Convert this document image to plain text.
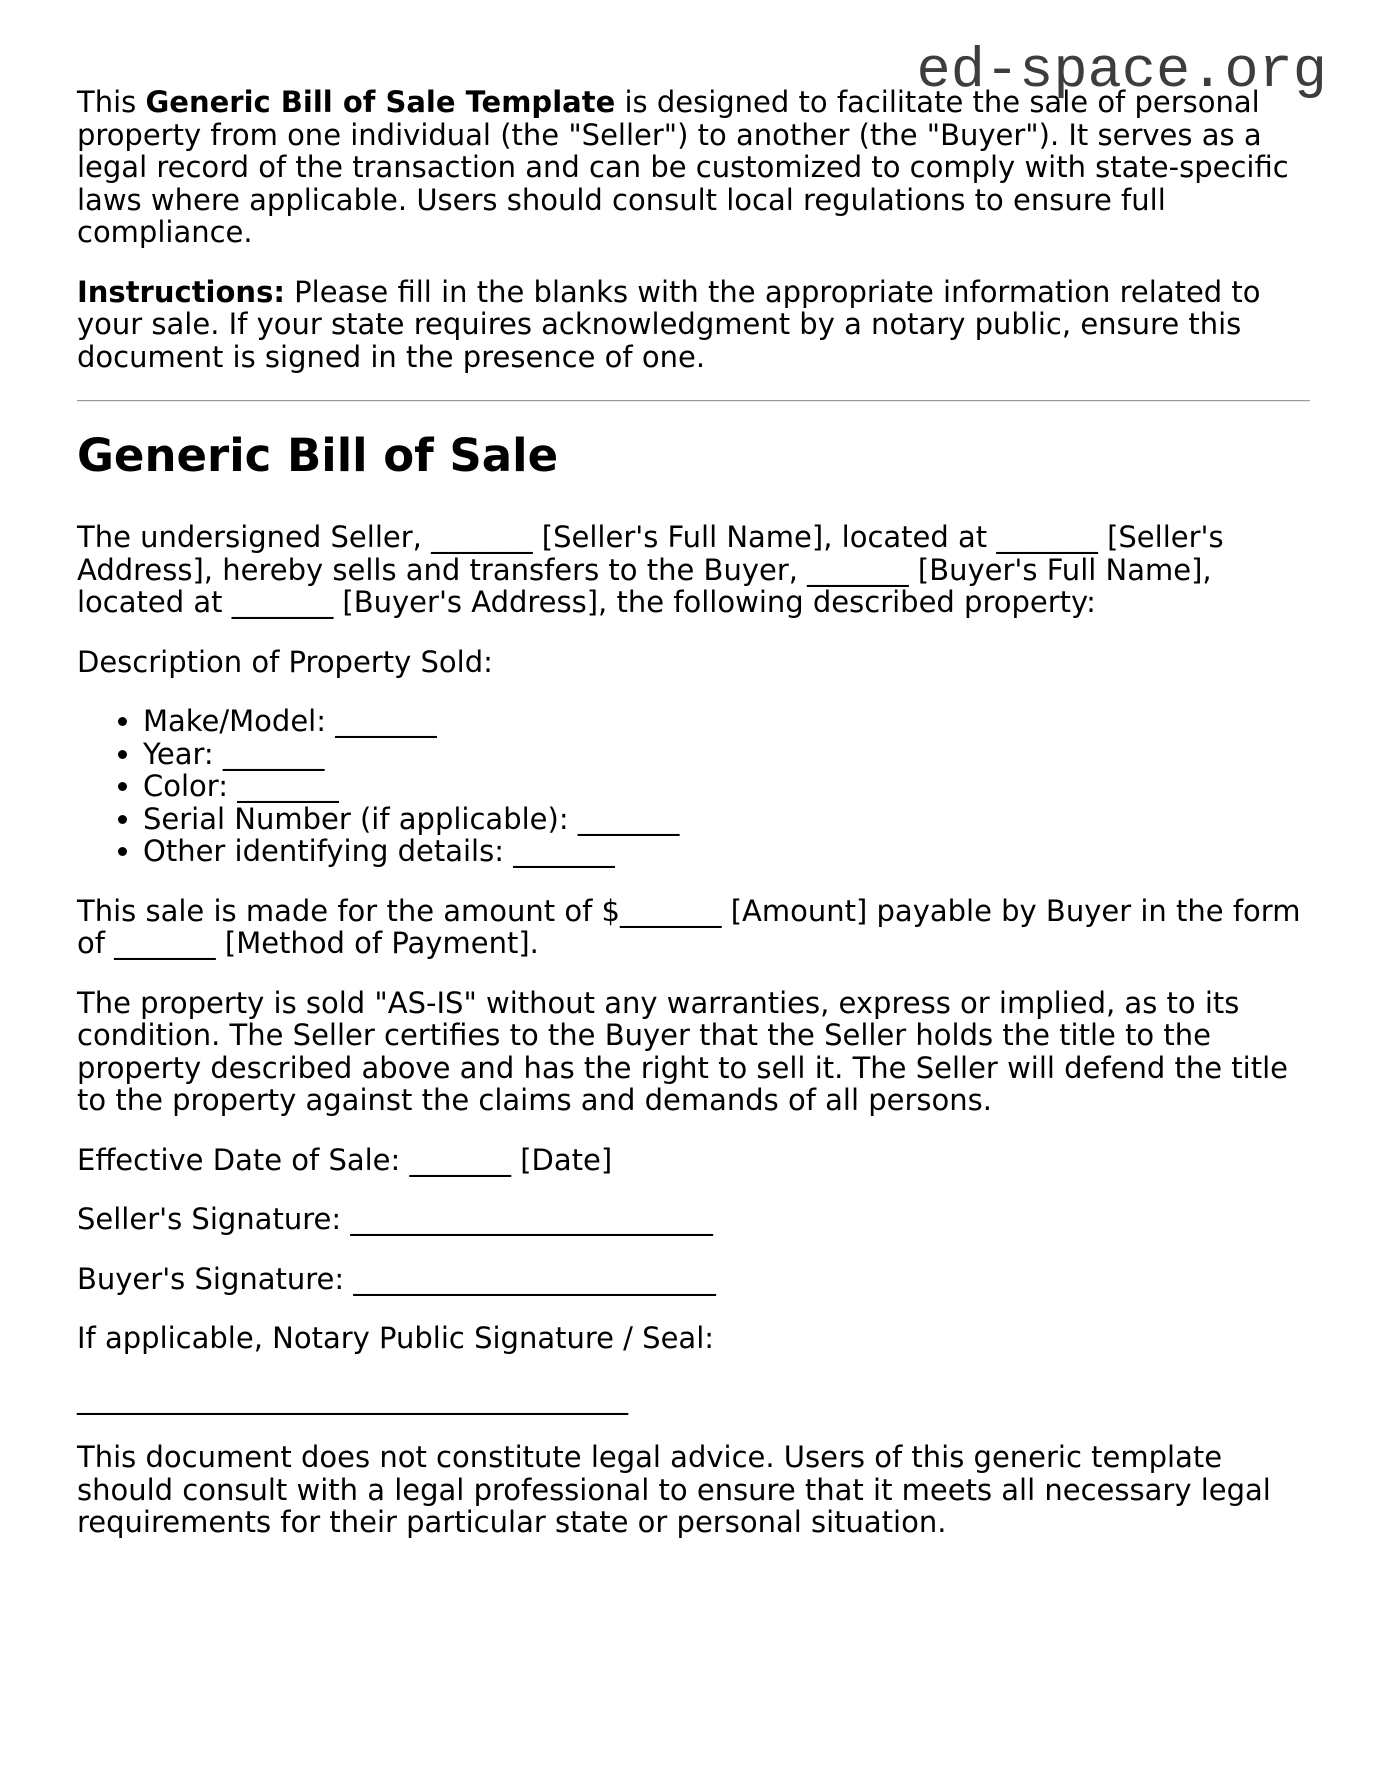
ed-space.org

This Generic Bill of Sale Template is designed to facilitate the sale of personal property from one individual (the "Seller") to another (the "Buyer"). It serves as a legal record of the transaction and can be customized to comply with state-specific laws where applicable. Users should consult local regulations to ensure full compliance.

Instructions: Please fill in the blanks with the appropriate information related to your sale. If your state requires acknowledgment by a notary public, ensure this document is signed in the presence of one.

Generic Bill of Sale

The undersigned Seller, _______ [Seller's Full Name], located at _______ [Seller's Address], hereby sells and transfers to the Buyer, _______ [Buyer's Full Name], located at _______ [Buyer's Address], the following described property:

Description of Property Sold:

• Make/Model: _______
• Year: _______
• Color: _______
• Serial Number (if applicable): _______
• Other identifying details: _______

This sale is made for the amount of $_______ [Amount] payable by Buyer in the form of _______ [Method of Payment].

The property is sold "AS-IS" without any warranties, express or implied, as to its condition. The Seller certifies to the Buyer that the Seller holds the title to the property described above and has the right to sell it. The Seller will defend the title to the property against the claims and demands of all persons.

Effective Date of Sale: _______ [Date]

Seller's Signature: _________________________

Buyer's Signature: _________________________

If applicable, Notary Public Signature / Seal:

______________________________________

This document does not constitute legal advice. Users of this generic template should consult with a legal professional to ensure that it meets all necessary legal requirements for their particular state or personal situation.
